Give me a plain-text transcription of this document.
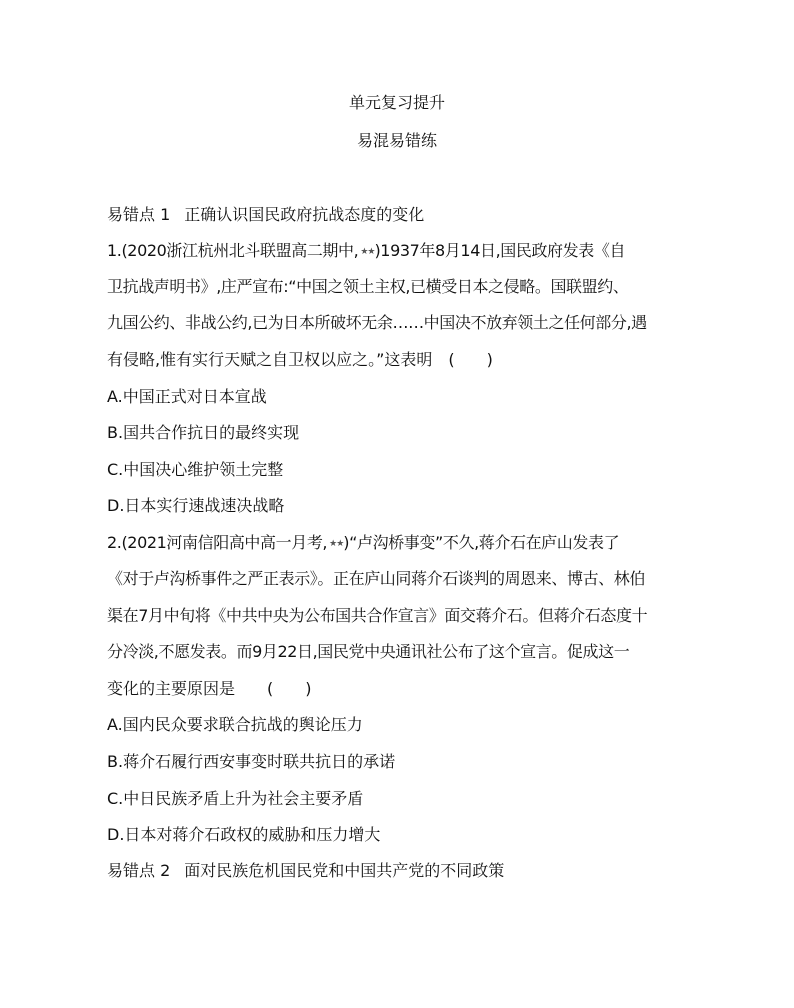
单元复习提升
易混易错练
易错点 1 正确认识国民政府抗战态度的变化
1.(2020浙江杭州北斗联盟高二期中, ★★)1937年8月14日,国民政府发表《自
卫抗战声明书》,庄严宣布:“中国之领土主权,已横受日本之侵略。国联盟约、
九国公约、非战公约,已为日本所破坏无余……中国决不放弃领土之任何部分,遇
有侵略,惟有实行天赋之自卫权以应之。”这表明　(　　)
A.中国正式对日本宣战
B.国共合作抗日的最终实现
C.中国决心维护领土完整
D.日本实行速战速决战略
2.(2021河南信阳高中高一月考, ★★)“卢沟桥事变”不久,蒋介石在庐山发表了
《对于卢沟桥事件之严正表示》。正在庐山同蒋介石谈判的周恩来、博古、林伯
渠在7月中旬将《中共中央为公布国共合作宣言》面交蒋介石。但蒋介石态度十
分冷淡,不愿发表。而9月22日,国民党中央通讯社公布了这个宣言。促成这一
变化的主要原因是　　(　　)
A.国内民众要求联合抗战的舆论压力
B.蒋介石履行西安事变时联共抗日的承诺
C.中日民族矛盾上升为社会主要矛盾
D.日本对蒋介石政权的威胁和压力增大
易错点 2 面对民族危机国民党和中国共产党的不同政策
